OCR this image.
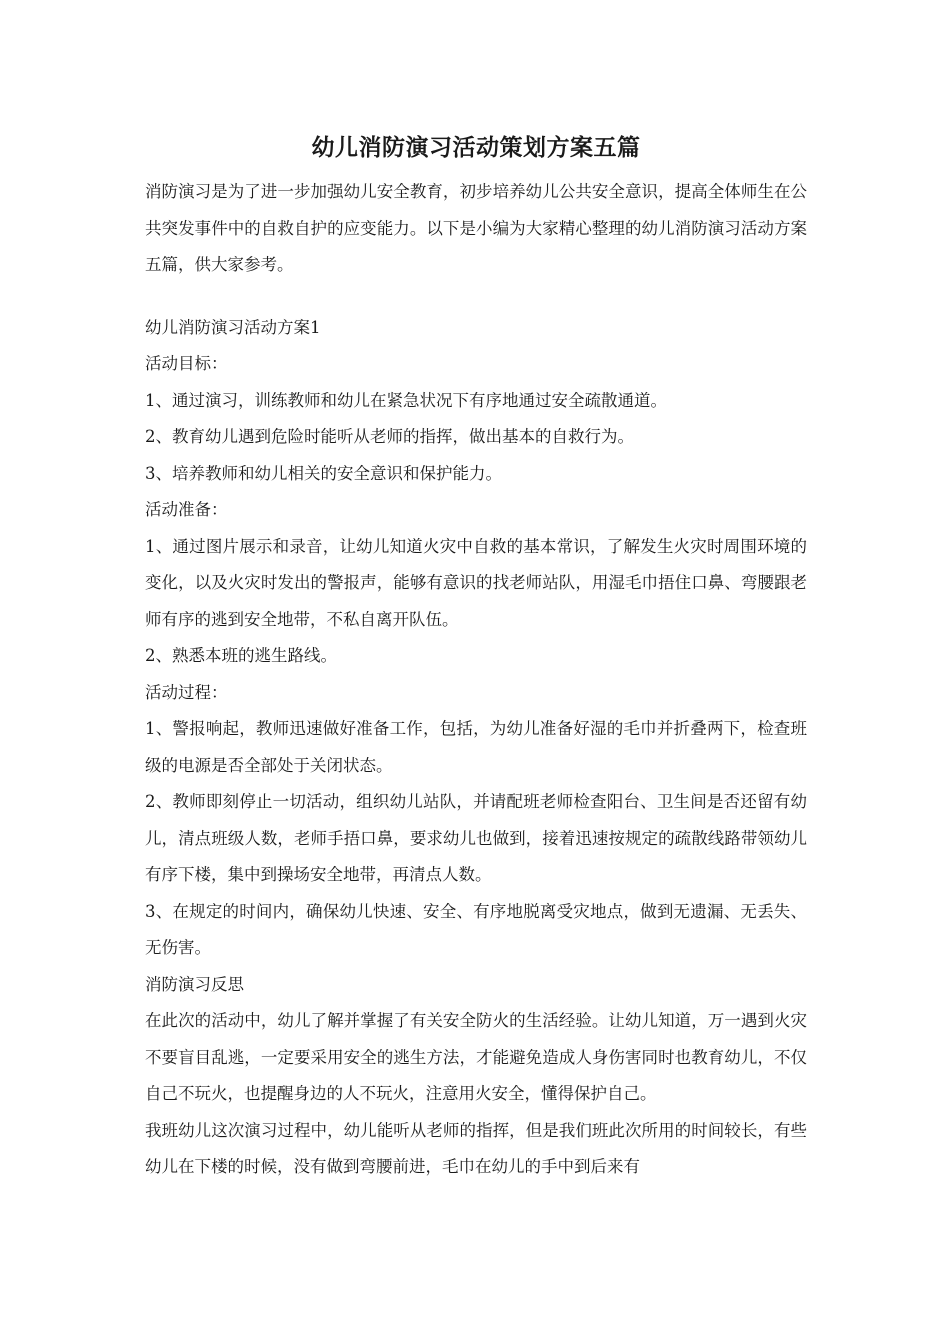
幼儿消防演习活动策划方案五篇

消防演习是为了进一步加强幼儿安全教育，初步培养幼儿公共安全意识，提高全体师生在公共突发事件中的自救自护的应变能力。以下是小编为大家精心整理的幼儿消防演习活动方案五篇，供大家参考。

幼儿消防演习活动方案1

活动目标：

1、通过演习，训练教师和幼儿在紧急状况下有序地通过安全疏散通道。

2、教育幼儿遇到危险时能听从老师的指挥，做出基本的自救行为。

3、培养教师和幼儿相关的安全意识和保护能力。

活动准备：

1、通过图片展示和录音，让幼儿知道火灾中自救的基本常识，了解发生火灾时周围环境的变化，以及火灾时发出的警报声，能够有意识的找老师站队，用湿毛巾捂住口鼻、弯腰跟老师有序的逃到安全地带，不私自离开队伍。

2、熟悉本班的逃生路线。

活动过程：

1、警报响起，教师迅速做好准备工作，包括，为幼儿准备好湿的毛巾并折叠两下，检查班级的电源是否全部处于关闭状态。

2、教师即刻停止一切活动，组织幼儿站队，并请配班老师检查阳台、卫生间是否还留有幼儿，清点班级人数，老师手捂口鼻，要求幼儿也做到，接着迅速按规定的疏散线路带领幼儿有序下楼，集中到操场安全地带，再清点人数。

3、在规定的时间内，确保幼儿快速、安全、有序地脱离受灾地点，做到无遗漏、无丢失、无伤害。

消防演习反思

在此次的活动中，幼儿了解并掌握了有关安全防火的生活经验。让幼儿知道，万一遇到火灾不要盲目乱逃，一定要采用安全的逃生方法，才能避免造成人身伤害同时也教育幼儿，不仅自己不玩火，也提醒身边的人不玩火，注意用火安全，懂得保护自己。

我班幼儿这次演习过程中，幼儿能听从老师的指挥，但是我们班此次所用的时间较长，有些幼儿在下楼的时候，没有做到弯腰前进，毛巾在幼儿的手中到后来有
